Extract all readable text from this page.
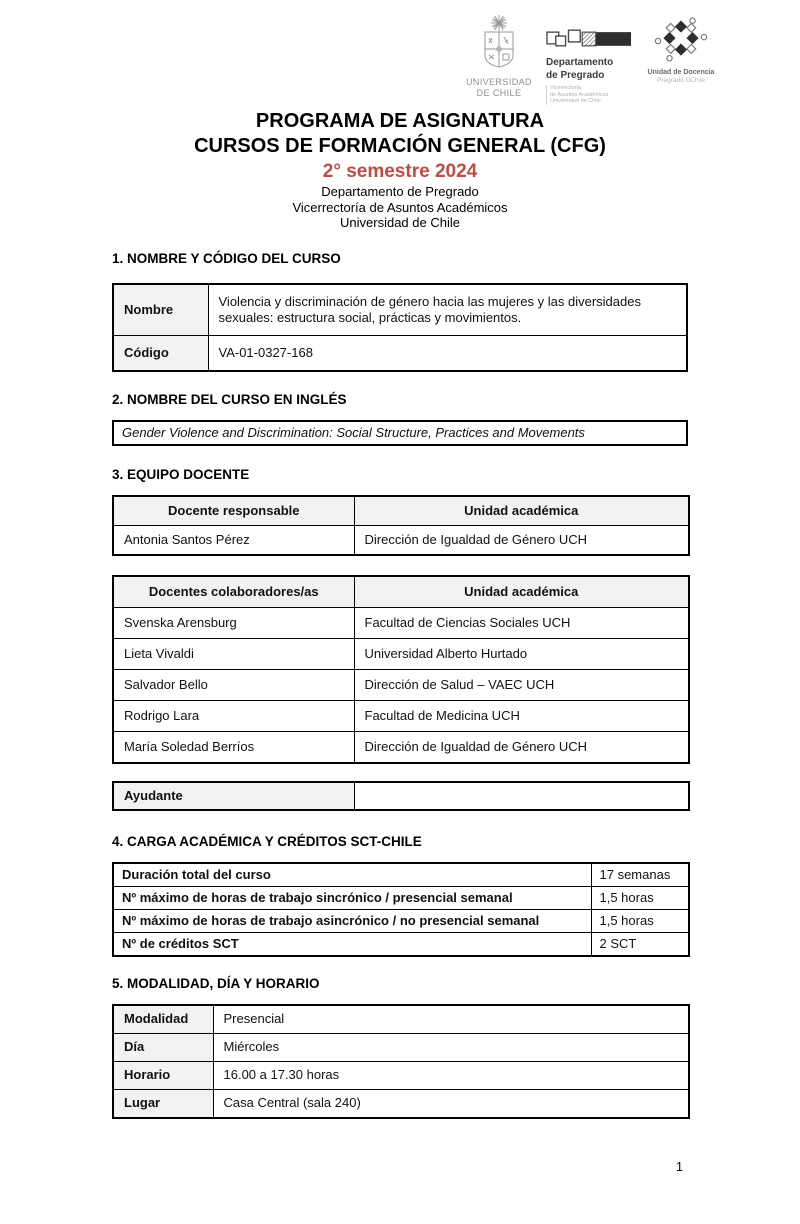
UNIVERSIDAD
DE CHILE
Departamento
de Pregrado
Vicerrectoría
de Asuntos Académicos
Universidad de Chile
Unidad de Docencia
Pregrado UChile
PROGRAMA DE ASIGNATURA
CURSOS DE FORMACIÓN GENERAL (CFG)
2° semestre 2024
Departamento de Pregrado
Vicerrectoría de Asuntos Académicos
Universidad de Chile
1. NOMBRE Y CÓDIGO DEL CURSO
Nombre	Violencia y discriminación de género hacia las mujeres y las diversidades sexuales: estructura social, prácticas y movimientos.
Código	VA-01-0327-168
2. NOMBRE DEL CURSO EN INGLÉS
Gender Violence and Discrimination: Social Structure, Practices and Movements
3. EQUIPO DOCENTE
Docente responsable	Unidad académica
Antonia Santos Pérez	Dirección de Igualdad de Género UCH
Docentes colaboradores/as	Unidad académica
Svenska Arensburg	Facultad de Ciencias Sociales UCH
Lieta Vivaldi	Universidad Alberto Hurtado
Salvador Bello	Dirección de Salud – VAEC UCH
Rodrigo Lara	Facultad de Medicina UCH
María Soledad Berríos	Dirección de Igualdad de Género UCH
Ayudante	
4. CARGA ACADÉMICA Y CRÉDITOS SCT-CHILE
Duración total del curso	17 semanas
Nº máximo de horas de trabajo sincrónico / presencial semanal	1,5 horas
Nº máximo de horas de trabajo asincrónico / no presencial semanal	1,5 horas
Nº de créditos SCT	2 SCT
5. MODALIDAD, DÍA Y HORARIO
Modalidad	Presencial
Día	Miércoles
Horario	16.00 a 17.30 horas
Lugar	Casa Central (sala 240)
1
